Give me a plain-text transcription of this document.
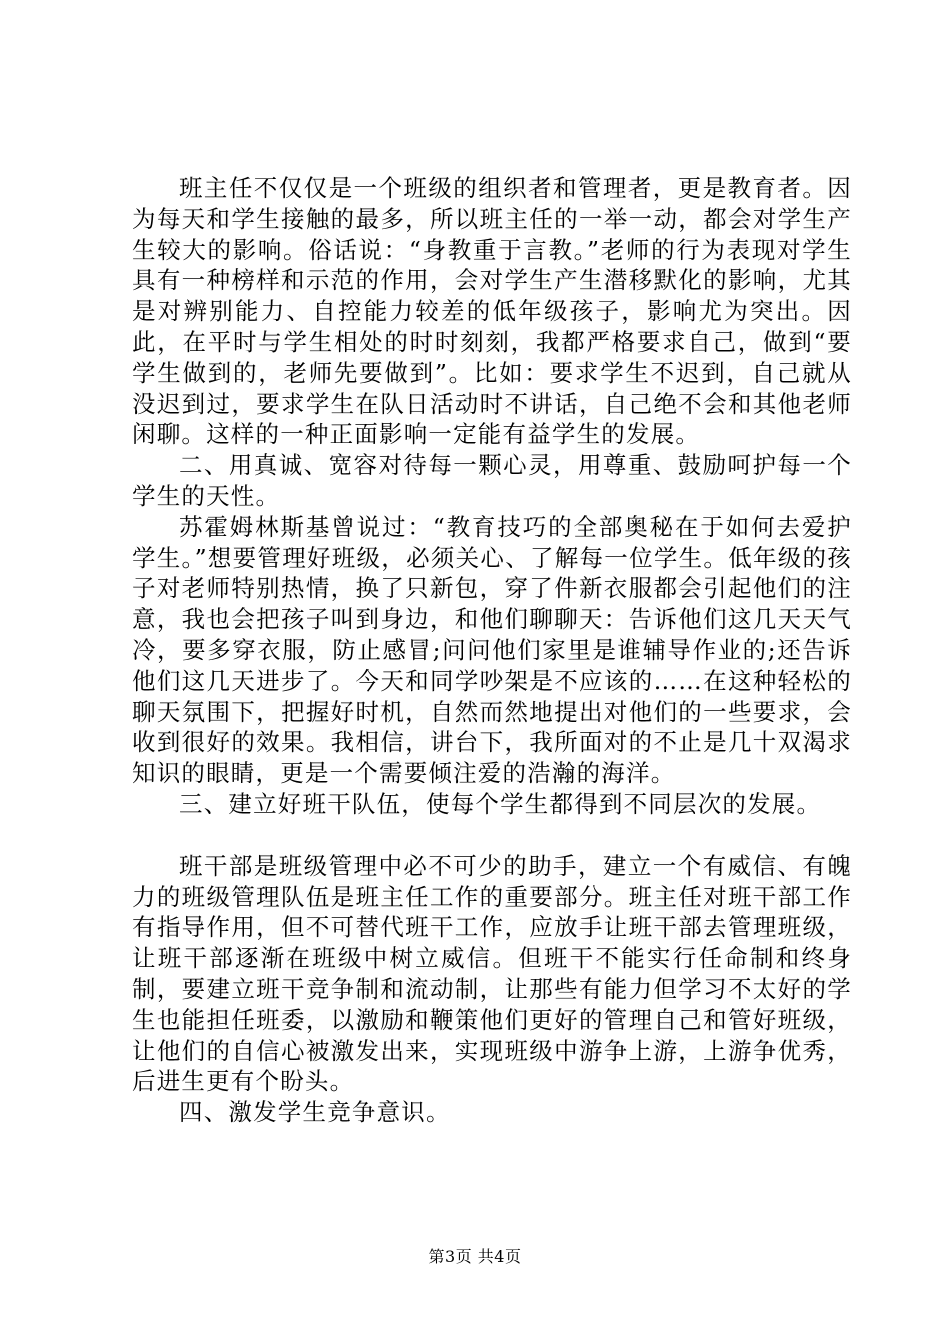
班主任不仅仅是一个班级的组织者和管理者，更是教育者。因为每天和学生接触的最多，所以班主任的一举一动，都会对学生产生较大的影响。俗话说：“身教重于言教。”老师的行为表现对学生具有一种榜样和示范的作用，会对学生产生潜移默化的影响，尤其是对辨别能力、自控能力较差的低年级孩子，影响尤为突出。因此，在平时与学生相处的时时刻刻，我都严格要求自己，做到“要学生做到的，老师先要做到”。比如：要求学生不迟到，自己就从没迟到过，要求学生在队日活动时不讲话，自己绝不会和其他老师闲聊。这样的一种正面影响一定能有益学生的发展。

二、用真诚、宽容对待每一颗心灵，用尊重、鼓励呵护每一个学生的天性。

苏霍姆林斯基曾说过：“教育技巧的全部奥秘在于如何去爱护学生。”想要管理好班级，必须关心、了解每一位学生。低年级的孩子对老师特别热情，换了只新包，穿了件新衣服都会引起他们的注意，我也会把孩子叫到身边，和他们聊聊天：告诉他们这几天天气冷，要多穿衣服，防止感冒;问问他们家里是谁辅导作业的;还告诉他们这几天进步了。今天和同学吵架是不应该的……在这种轻松的聊天氛围下，把握好时机，自然而然地提出对他们的一些要求，会收到很好的效果。我相信，讲台下，我所面对的不止是几十双渴求知识的眼睛，更是一个需要倾注爱的浩瀚的海洋。

三、建立好班干队伍，使每个学生都得到不同层次的发展。

班干部是班级管理中必不可少的助手，建立一个有威信、有魄力的班级管理队伍是班主任工作的重要部分。班主任对班干部工作有指导作用，但不可替代班干工作，应放手让班干部去管理班级，让班干部逐渐在班级中树立威信。但班干不能实行任命制和终身制，要建立班干竞争制和流动制，让那些有能力但学习不太好的学生也能担任班委，以激励和鞭策他们更好的管理自己和管好班级，让他们的自信心被激发出来，实现班级中游争上游，上游争优秀，后进生更有个盼头。

四、激发学生竞争意识。

第3页 共4页
